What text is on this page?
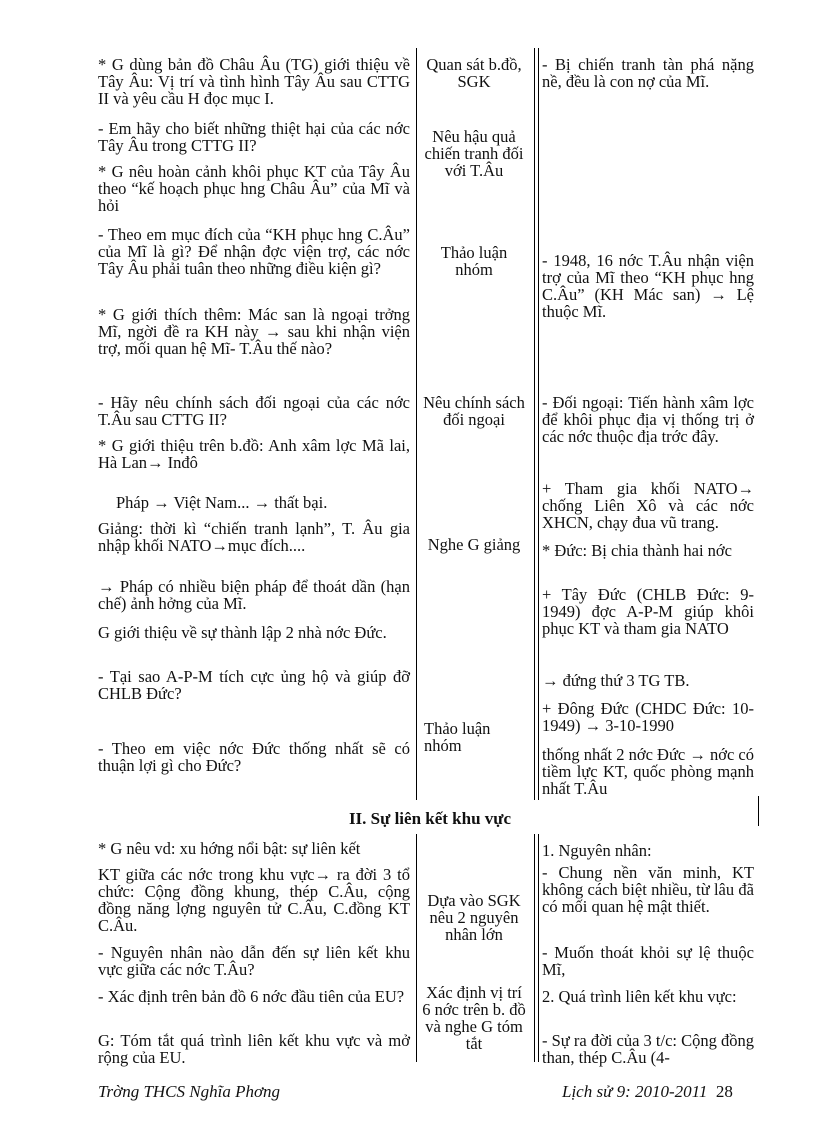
* G dùng bản đồ Châu Âu (TG) giới thiệu về Tây Âu: Vị trí và tình hình Tây Âu sau CTTG II và yêu cầu H đọc mục I.
- Em hãy cho biết những thiệt hại của các nớc Tây Âu trong CTTG II?
* G nêu hoàn cảnh khôi phục KT của Tây Âu theo “kế hoạch phục hng Châu Âu” của Mĩ và hỏi
- Theo em mục đích của “KH phục hng C.Âu” của Mĩ là gì? Để nhận đợc viện trợ, các nớc Tây Âu phải tuân theo những điều kiện gì?
* G giới thích thêm: Mác san là ngoại trởng Mĩ, ngời đề ra KH này → sau khi nhận viện trợ, mối quan hệ Mĩ- T.Âu thế nào?
- Hãy nêu chính sách đối ngoại của các nớc T.Âu sau CTTG II?
* G giới thiệu trên b.đồ: Anh xâm lợc Mã lai, Hà Lan→ Inđô
Pháp → Việt Nam... → thất bại.
Giảng: thời kì “chiến tranh lạnh”, T. Âu gia nhập khối NATO→mục đích....
→ Pháp có nhiều biện pháp để thoát dần (hạn chế) ảnh hởng của Mĩ.
G giới thiệu về sự thành lập 2 nhà nớc Đức.
- Tại sao A-P-M tích cực ủng hộ và giúp đỡ CHLB Đức?
- Theo em việc nớc Đức thống nhất sẽ có thuận lợi gì cho Đức?
Quan sát b.đồ, SGK
Nêu hậu quả chiến tranh đối với T.Âu
Thảo luận nhóm
Nêu chính sách đối ngoại
Nghe G giảng
Thảo luận nhóm
- Bị chiến tranh tàn phá nặng nề, đều là con nợ của Mĩ.
- 1948, 16 nớc T.Âu nhận viện trợ của Mĩ theo “KH phục hng C.Âu” (KH Mác san) → Lệ thuộc Mĩ.
- Đối ngoại: Tiến hành xâm lợc để khôi phục địa vị thống trị ở các nớc thuộc địa trớc đây.
+ Tham gia khối NATO→ chống Liên Xô và các nớc XHCN, chạy đua vũ trang.
* Đức: Bị chia thành hai nớc
+ Tây Đức (CHLB Đức: 9-1949) đợc A-P-M giúp khôi phục KT và tham gia NATO
→ đứng thứ 3 TG TB.
+ Đông Đức (CHDC Đức: 10-1949) → 3-10-1990
thống nhất 2 nớc Đức → nớc có tiềm lực KT, quốc phòng mạnh nhất T.Âu
II. Sự liên kết khu vực
* G nêu vd: xu hớng nổi bật: sự liên kết
KT giữa các nớc trong khu vực→ ra đời 3 tổ chức: Cộng đồng khung, thép C.Âu, cộng đồng năng lợng nguyên tử C.Âu, C.đồng KT C.Âu.
- Nguyên nhân nào dẫn đến sự liên kết khu vực giữa các nớc T.Âu?
- Xác định trên bản đồ 6 nớc đầu tiên của EU?
G: Tóm tắt quá trình liên kết khu vực và mở rộng của EU.
Dựa vào SGK nêu 2 nguyên nhân lớn
Xác định vị trí 6 nớc trên b. đồ và nghe G tóm tắt
1. Nguyên nhân:
- Chung nền văn minh, KT không cách biệt nhiều, từ lâu đã có mối quan hệ mật thiết.
- Muốn thoát khỏi sự lệ thuộc Mĩ,
2. Quá trình liên kết khu vực:
- Sự ra đời của 3 t/c: Cộng đồng than, thép C.Âu (4-
Trờng THCS Nghĩa Phơng	Lịch sử 9: 2010-2011 28
